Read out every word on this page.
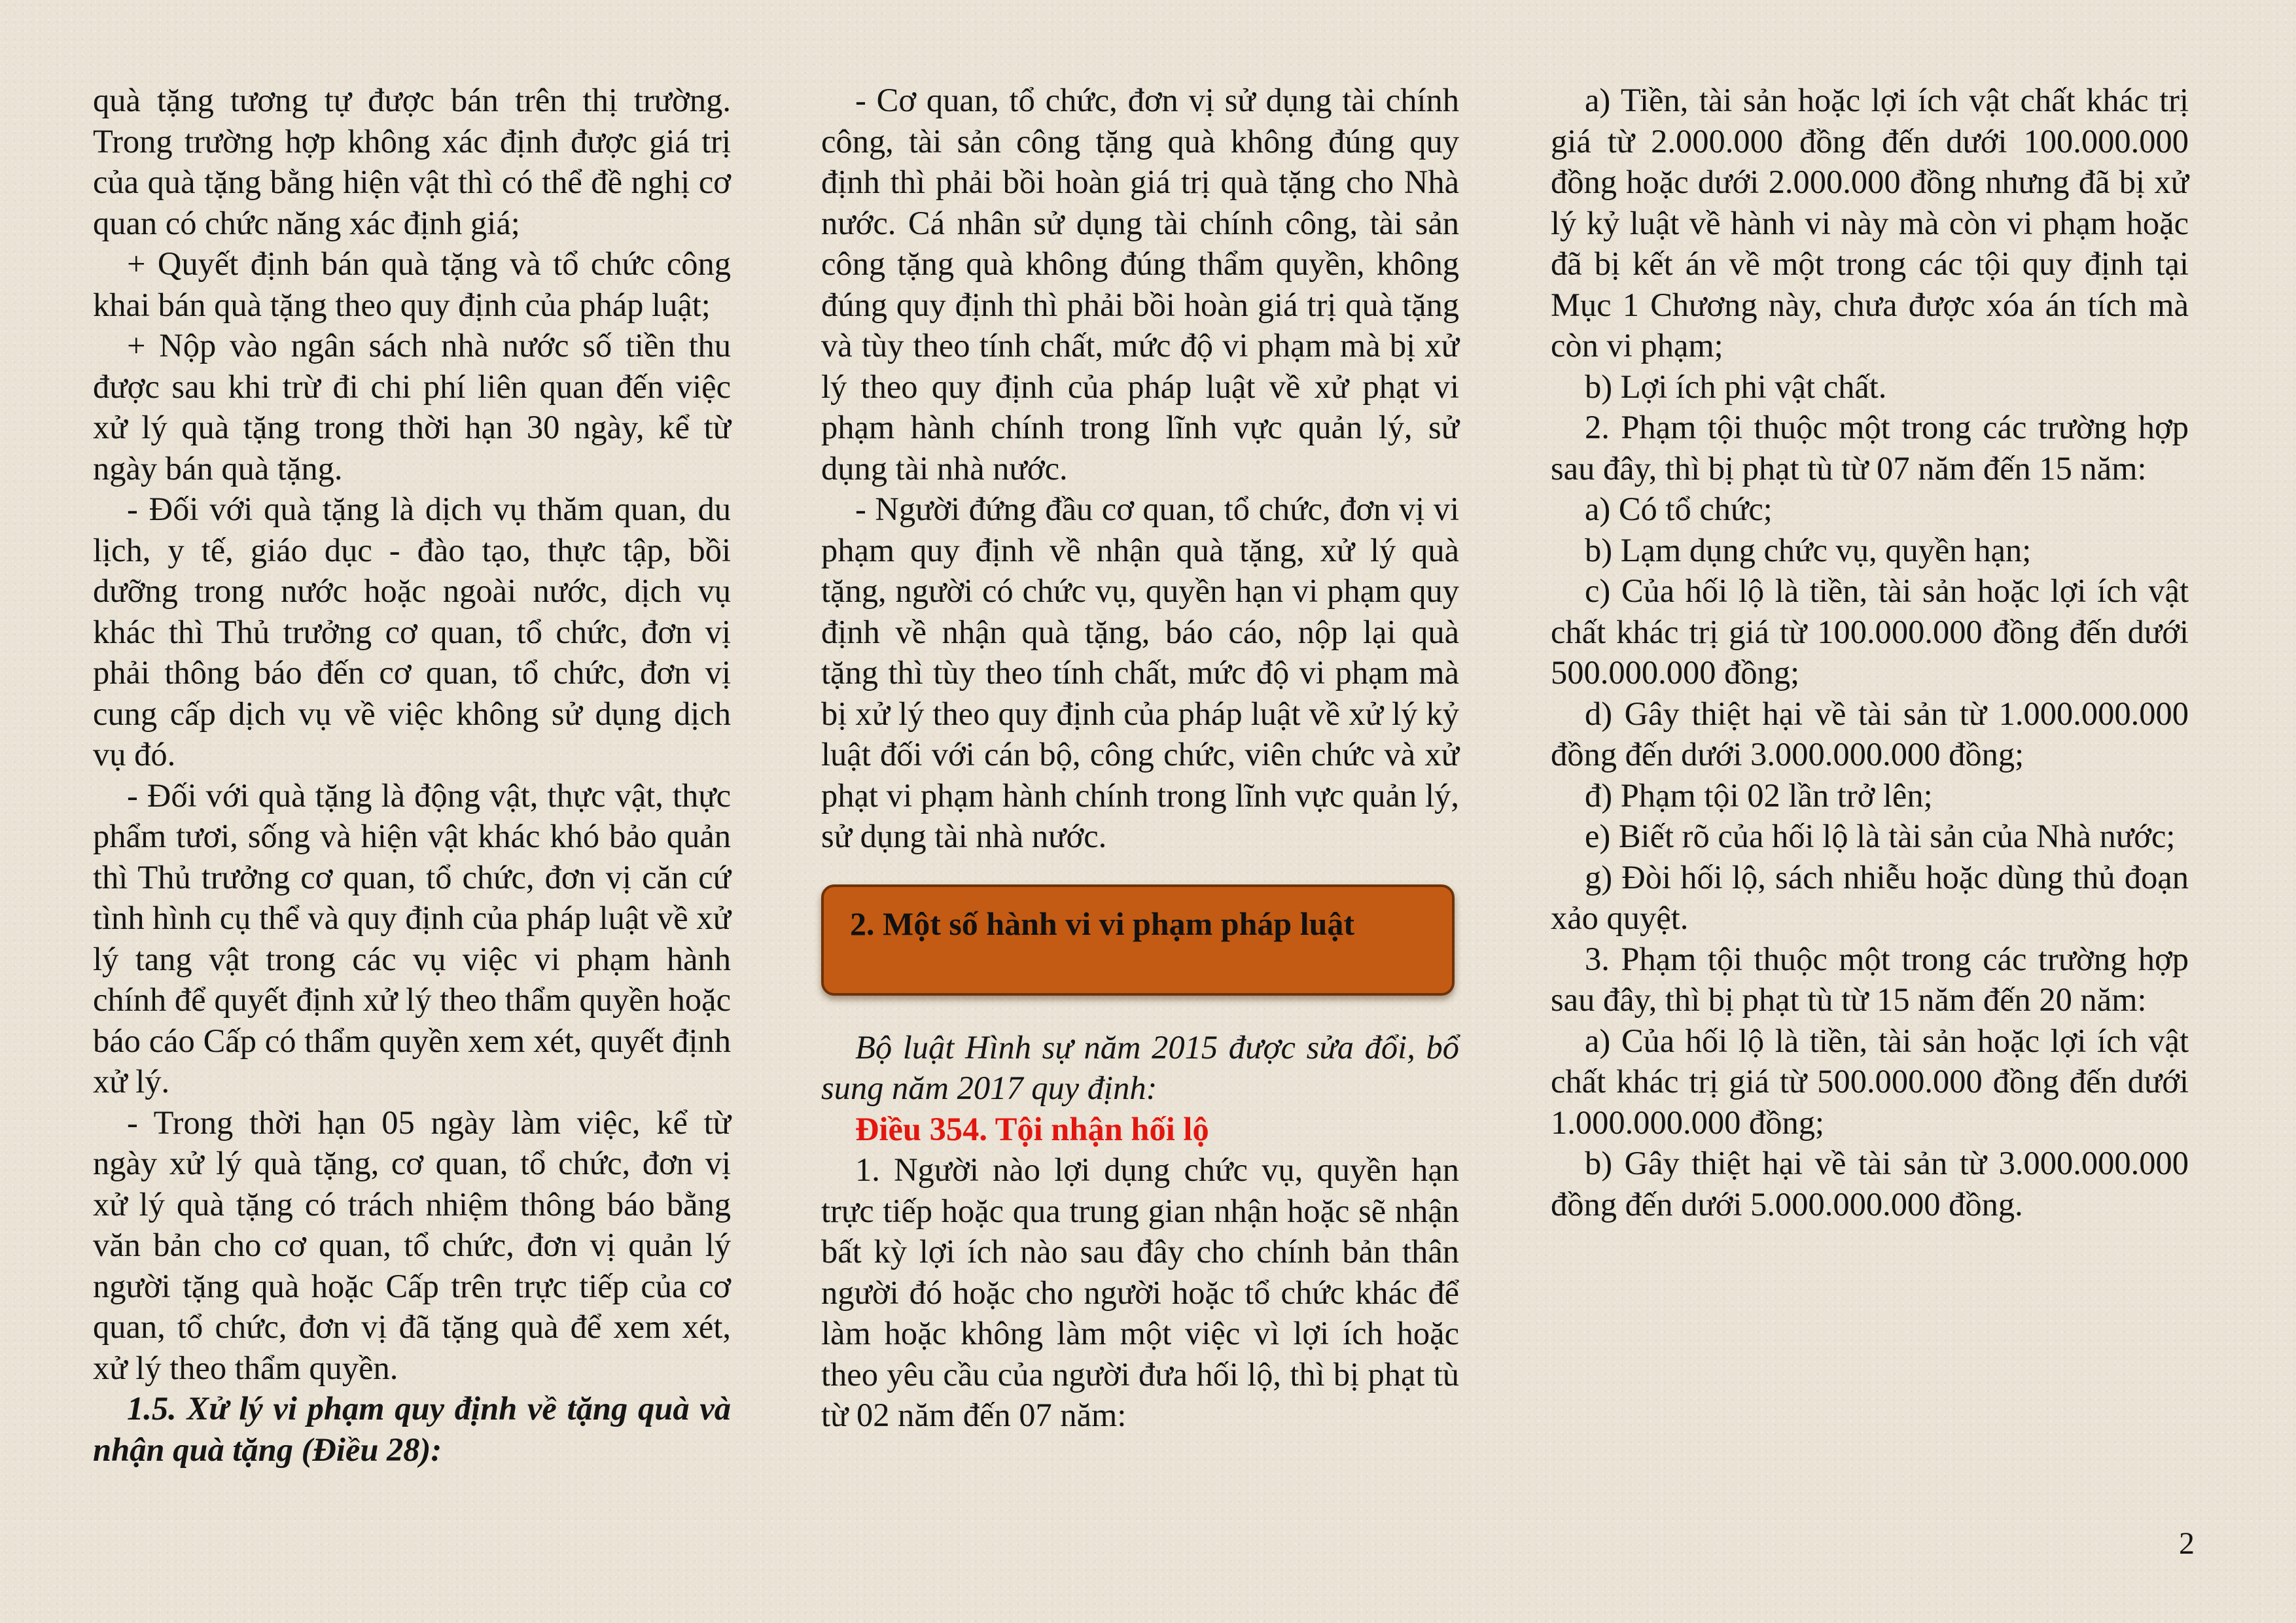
quà tặng tương tự được bán trên thị trường. Trong trường hợp không xác định được giá trị của quà tặng bằng hiện vật thì có thể đề nghị cơ quan có chức năng xác định giá;

+ Quyết định bán quà tặng và tổ chức công khai bán quà tặng theo quy định của pháp luật;

+ Nộp vào ngân sách nhà nước số tiền thu được sau khi trừ đi chi phí liên quan đến việc xử lý quà tặng trong thời hạn 30 ngày, kể từ ngày bán quà tặng.

- Đối với quà tặng là dịch vụ thăm quan, du lịch, y tế, giáo dục - đào tạo, thực tập, bồi dưỡng trong nước hoặc ngoài nước, dịch vụ khác thì Thủ trưởng cơ quan, tổ chức, đơn vị phải thông báo đến cơ quan, tổ chức, đơn vị cung cấp dịch vụ về việc không sử dụng dịch vụ đó.

- Đối với quà tặng là động vật, thực vật, thực phẩm tươi, sống và hiện vật khác khó bảo quản thì Thủ trưởng cơ quan, tổ chức, đơn vị căn cứ tình hình cụ thể và quy định của pháp luật về xử lý tang vật trong các vụ việc vi phạm hành chính để quyết định xử lý theo thẩm quyền hoặc báo cáo Cấp có thẩm quyền xem xét, quyết định xử lý.

- Trong thời hạn 05 ngày làm việc, kể từ ngày xử lý quà tặng, cơ quan, tổ chức, đơn vị xử lý quà tặng có trách nhiệm thông báo bằng văn bản cho cơ quan, tổ chức, đơn vị quản lý người tặng quà hoặc Cấp trên trực tiếp của cơ quan, tổ chức, đơn vị đã tặng quà để xem xét, xử lý theo thẩm quyền.

1.5. Xử lý vi phạm quy định về tặng quà và nhận quà tặng (Điều 28):

- Cơ quan, tổ chức, đơn vị sử dụng tài chính công, tài sản công tặng quà không đúng quy định thì phải bồi hoàn giá trị quà tặng cho Nhà nước. Cá nhân sử dụng tài chính công, tài sản công tặng quà không đúng thẩm quyền, không đúng quy định thì phải bồi hoàn giá trị quà tặng và tùy theo tính chất, mức độ vi phạm mà bị xử lý theo quy định của pháp luật về xử phạt vi phạm hành chính trong lĩnh vực quản lý, sử dụng tài nhà nước.

- Người đứng đầu cơ quan, tổ chức, đơn vị vi phạm quy định về nhận quà tặng, xử lý quà tặng, người có chức vụ, quyền hạn vi phạm quy định về nhận quà tặng, báo cáo, nộp lại quà tặng thì tùy theo tính chất, mức độ vi phạm mà bị xử lý theo quy định của pháp luật về xử lý kỷ luật đối với cán bộ, công chức, viên chức và xử phạt vi phạm hành chính trong lĩnh vực quản lý, sử dụng tài nhà nước.

2. Một số hành vi vi phạm pháp luật

Bộ luật Hình sự năm 2015 được sửa đổi, bổ sung năm 2017 quy định:

Điều 354. Tội nhận hối lộ

1. Người nào lợi dụng chức vụ, quyền hạn trực tiếp hoặc qua trung gian nhận hoặc sẽ nhận bất kỳ lợi ích nào sau đây cho chính bản thân người đó hoặc cho người hoặc tổ chức khác để làm hoặc không làm một việc vì lợi ích hoặc theo yêu cầu của người đưa hối lộ, thì bị phạt tù từ 02 năm đến 07 năm:

a) Tiền, tài sản hoặc lợi ích vật chất khác trị giá từ 2.000.000 đồng đến dưới 100.000.000 đồng hoặc dưới 2.000.000 đồng nhưng đã bị xử lý kỷ luật về hành vi này mà còn vi phạm hoặc đã bị kết án về một trong các tội quy định tại Mục 1 Chương này, chưa được xóa án tích mà còn vi phạm;

b) Lợi ích phi vật chất.

2. Phạm tội thuộc một trong các trường hợp sau đây, thì bị phạt tù từ 07 năm đến 15 năm:

a) Có tổ chức;

b) Lạm dụng chức vụ, quyền hạn;

c) Của hối lộ là tiền, tài sản hoặc lợi ích vật chất khác trị giá từ 100.000.000 đồng đến dưới 500.000.000 đồng;

d) Gây thiệt hại về tài sản từ 1.000.000.000 đồng đến dưới 3.000.000.000 đồng;

đ) Phạm tội 02 lần trở lên;

e) Biết rõ của hối lộ là tài sản của Nhà nước;

g) Đòi hối lộ, sách nhiễu hoặc dùng thủ đoạn xảo quyệt.

3. Phạm tội thuộc một trong các trường hợp sau đây, thì bị phạt tù từ 15 năm đến 20 năm:

a) Của hối lộ là tiền, tài sản hoặc lợi ích vật chất khác trị giá từ 500.000.000 đồng đến dưới 1.000.000.000 đồng;

b) Gây thiệt hại về tài sản từ 3.000.000.000 đồng đến dưới 5.000.000.000 đồng.

2
